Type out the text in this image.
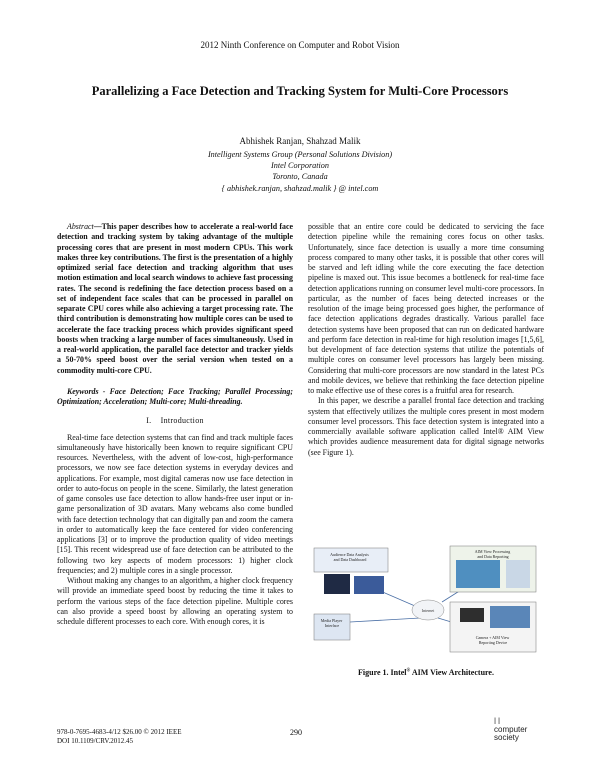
2012 Ninth Conference on Computer and Robot Vision
Parallelizing a Face Detection and Tracking System for Multi-Core Processors
Abhishek Ranjan, Shahzad Malik
Intelligent Systems Group (Personal Solutions Division)
Intel Corporation
Toronto, Canada
{ abhishek.ranjan, shahzad.malik } @ intel.com

Abstract—This paper describes how to accelerate a real-world face detection and tracking system by taking advantage of the multiple processing cores that are present in most modern CPUs. This work makes three key contributions. The first is the presentation of a highly optimized serial face detection and tracking algorithm that uses motion estimation and local search windows to achieve fast processing rates. The second is redefining the face detection process based on a set of independent face scales that can be processed in parallel on separate CPU cores while also achieving a target processing rate. The third contribution is demonstrating how multiple cores can be used to accelerate the face tracking process which provides significant speed boosts when tracking a large number of faces simultaneously. Used in a real-world application, the parallel face detector and tracker yields a 50-70% speed boost over the serial version when tested on a commodity multi-core CPU.

Keywords - Face Detection; Face Tracking; Parallel Processing; Optimization; Acceleration; Multi-core; Multi-threading.

I. Introduction

Real-time face detection systems that can find and track multiple faces simultaneously have historically been known to require significant CPU resources. Nevertheless, with the advent of low-cost, high-performance processors, we now see face detection systems in everyday devices and applications. For example, most digital cameras now use face detection in order to auto-focus on people in the scene. Similarly, the latest generation of game consoles use face detection to allow hands-free user input or in-game personalization of 3D avatars. Many webcams also come bundled with face detection technology that can digitally pan and zoom the camera in order to automatically keep the face centered for video conferencing applications [3] or to improve the production quality of video meetings [15]. This recent widespread use of face detection can be attributed to the following two key aspects of modern processors: 1) higher clock frequencies; and 2) multiple cores in a single processor.

Without making any changes to an algorithm, a higher clock frequency will provide an immediate speed boost by reducing the time it takes to perform the various steps of the face detection pipeline. Multiple cores can also provide a speed boost by allowing an operating system to schedule different processes to each core. With enough cores, it is

possible that an entire core could be dedicated to servicing the face detection pipeline while the remaining cores focus on other tasks. Unfortunately, since face detection is usually a more time consuming process compared to many other tasks, it is possible that other cores will be starved and left idling while the core executing the face detection pipeline is maxed out. This issue becomes a bottleneck for real-time face detection applications running on consumer level multi-core processors. In particular, as the number of faces being detected increases or the resolution of the image being processed goes higher, the performance of face detection applications degrades drastically. Various parallel face detection systems have been proposed that can run on dedicated hardware and perform face detection in real-time for high resolution images [1,5,6], but development of face detection systems that utilize the potentials of multiple cores on consumer level processors has largely been missing. Considering that multi-core processors are now standard in the latest PCs and mobile devices, we believe that rethinking the face detection pipeline to make effective use of these cores is a fruitful area for research.

In this paper, we describe a parallel frontal face detection and tracking system that effectively utilizes the multiple cores present in most modern consumer level processors. This face detection system is integrated into a commercially available software application called Intel® AIM View which provides audience measurement data for digital signage networks (see Figure 1).

Audience Data Analysis and Data Dashboard
AIM View Processing and Data Reporting
Internet
Media Player Interface
Camera + AIM View Reporting Device
Figure 1. Intel® AIM View Architecture.
978-0-7695-4683-4/12 $26.00 © 2012 IEEE
DOI 10.1109/CRV.2012.45
290
ꟾ ꟾ
computer
society
